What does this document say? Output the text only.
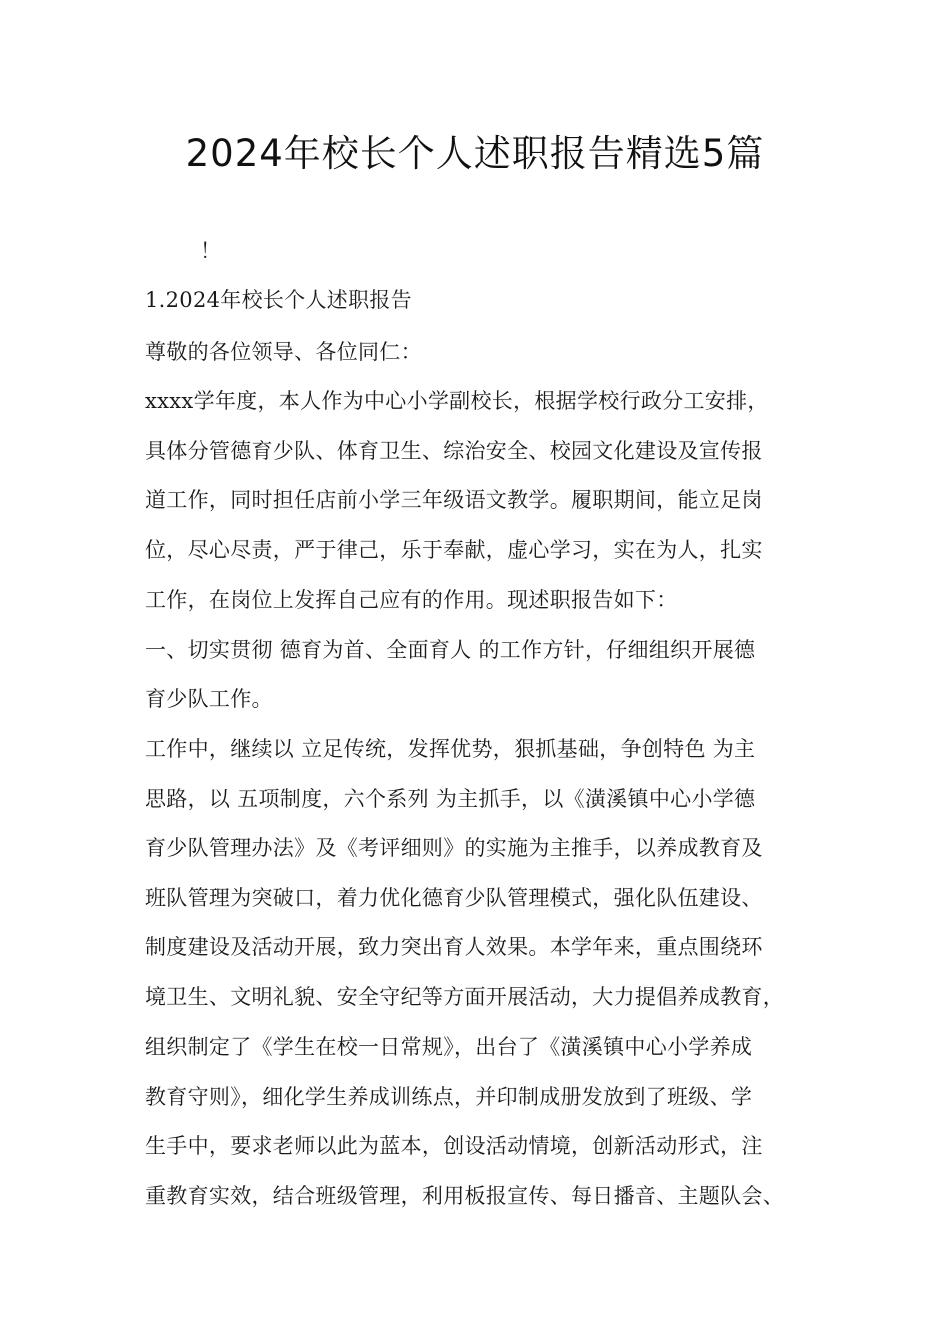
2024年校长个人述职报告精选5篇

！

1.2024年校长个人述职报告

尊敬的各位领导、各位同仁：

xxxx学年度，本人作为中心小学副校长，根据学校行政分工安排，

具体分管德育少队、体育卫生、综治安全、校园文化建设及宣传报

道工作，同时担任店前小学三年级语文教学。履职期间，能立足岗

位，尽心尽责，严于律己，乐于奉献，虚心学习，实在为人，扎实

工作，在岗位上发挥自己应有的作用。现述职报告如下：

一、切实贯彻 德育为首、全面育人 的工作方针，仔细组织开展德

育少队工作。

工作中，继续以 立足传统，发挥优势，狠抓基础，争创特色 为主

思路，以 五项制度，六个系列 为主抓手，以《潢溪镇中心小学德

育少队管理办法》及《考评细则》的实施为主推手，以养成教育及

班队管理为突破口，着力优化德育少队管理模式，强化队伍建设、

制度建设及活动开展，致力突出育人效果。本学年来，重点围绕环

境卫生、文明礼貌、安全守纪等方面开展活动，大力提倡养成教育，

组织制定了《学生在校一日常规》，出台了《潢溪镇中心小学养成

教育守则》，细化学生养成训练点，并印制成册发放到了班级、学

生手中，要求老师以此为蓝本，创设活动情境，创新活动形式，注

重教育实效，结合班级管理，利用板报宣传、每日播音、主题队会、
